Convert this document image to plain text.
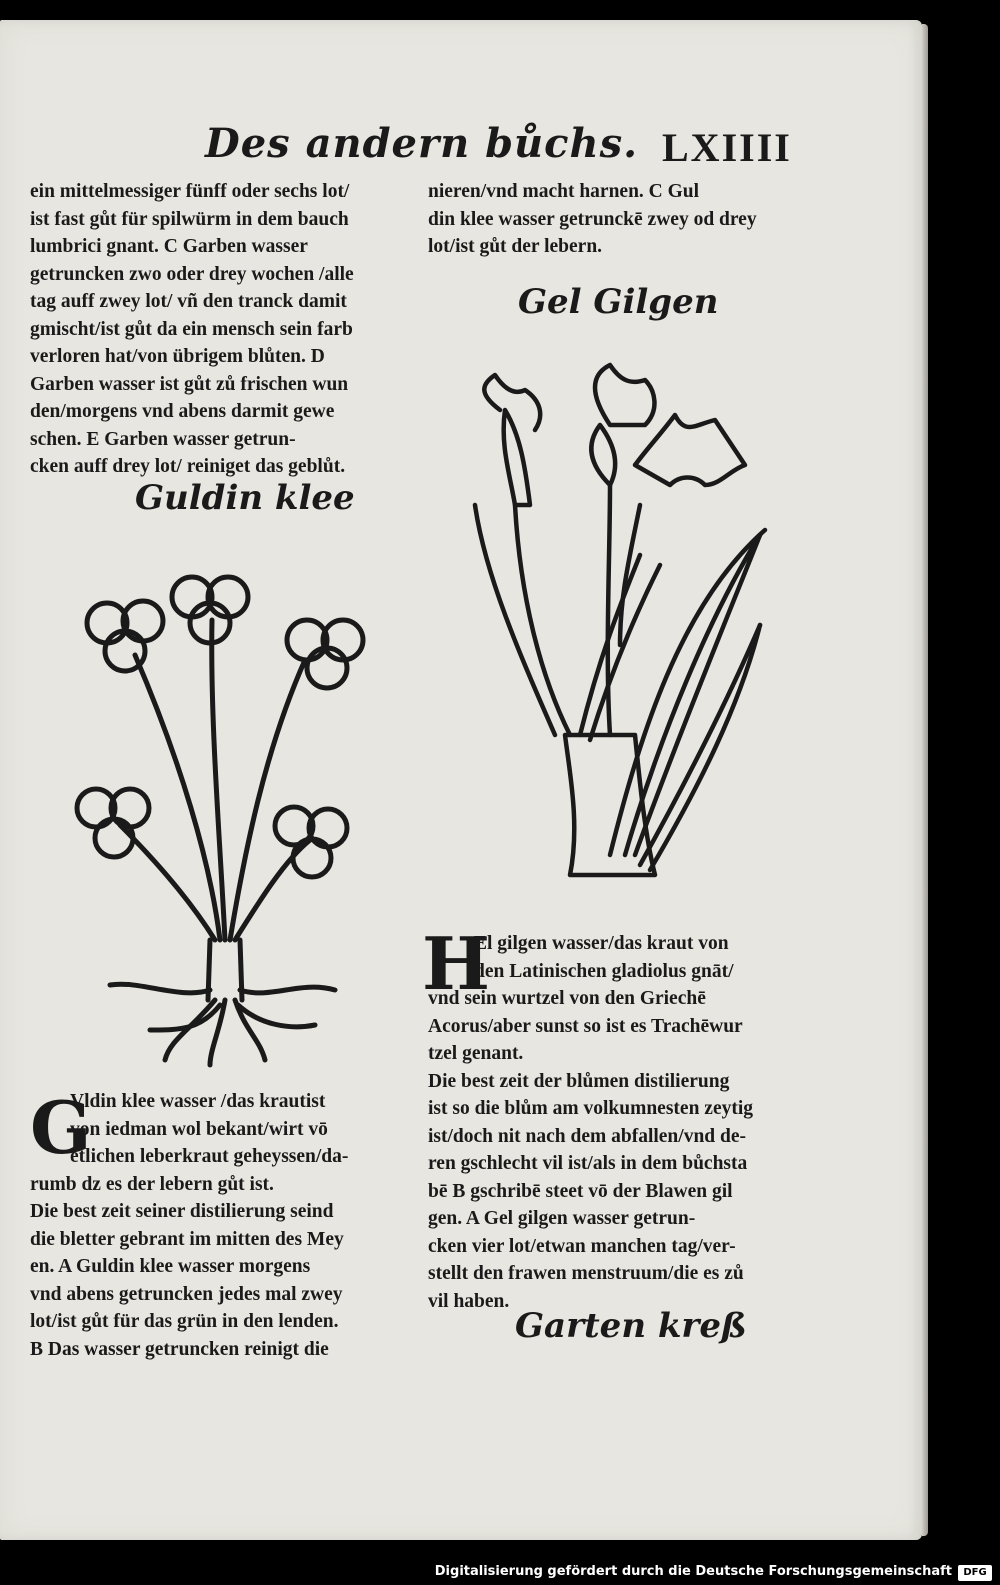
Des andern bůchs. LXIIII
ein mittelmessiger fünff oder sechs lot/
ist fast gůt für spilwürm in dem bauch
lumbrici gnant. C Garben wasser
getruncken zwo oder drey wochen /alle
tag auff zwey lot/ vñ den tranck damit
gmischt/ist gůt da ein mensch sein farb
verloren hat/von übrigem blůten. D
Garben wasser ist gůt zů frischen wun
den/morgens vnd abens darmit gewe
schen. E Garben wasser getrun-
cken auff drey lot/ reiniget das geblůt.
nieren/vnd macht harnen. C Gul
din klee wasser getrunckē zwey od drey
lot/ist gůt der lebern.
Gel Gilgen
Guldin klee
H
El gilgen wasser/das kraut von
den Latinischen gladiolus gnāt/
vnd sein wurtzel von den Griechē
Acorus/aber sunst so ist es Trachēwur
tzel genant.
Die best zeit der blůmen distilierung
ist so die blům am volkumnesten zeytig
ist/doch nit nach dem abfallen/vnd de-
ren gschlecht vil ist/als in dem bůchsta
bē B gschribē steet vō der Blawen gil
gen. A Gel gilgen wasser getrun-
cken vier lot/etwan manchen tag/ver-
stellt den frawen menstruum/die es zů
vil haben.
G
Vldin klee wasser /das krautist
von iedman wol bekant/wirt vō
etlichen leberkraut geheyssen/da-
rumb dz es der lebern gůt ist.
Die best zeit seiner distilierung seind
die bletter gebrant im mitten des Mey
en. A Guldin klee wasser morgens
vnd abens getruncken jedes mal zwey
lot/ist gůt für das grün in den lenden.
B Das wasser getruncken reinigt die
Garten kreß
Digitalisierung gefördert durch die Deutsche Forschungsgemeinschaft	DFG
